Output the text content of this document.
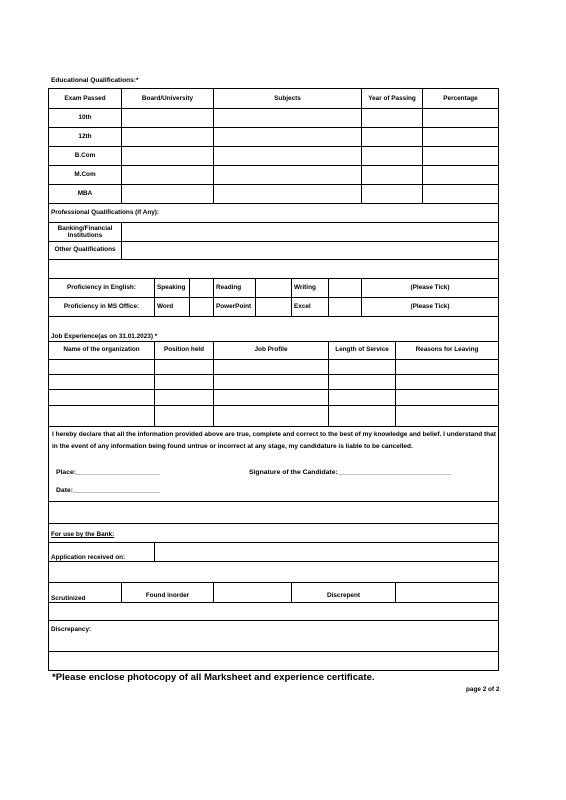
Educational Qualifications:*
Exam Passed	Board/University	Subjects	Year of Passing	Percentage
10th
12th
B.Com
M.Com
MBA
Professional Qualifications (If Any):
Banking/Financial Institutions
Other Qualifications
Proficiency in English:	Speaking	Reading	Writing	(Please Tick)
Proficiency in MS Office:	Word	PowerPoint	Excel	(Please Tick)
Job Experience(as on 31.01.2023) *
Name of the organization	Position held	Job Profile	Length of Service	Reasons for Leaving
I hereby declare that all the information provided above are true, complete and correct to the best of my knowledge and belief. I understand that in the event of any information being found untrue or incorrect at any stage, my candidature is liable to be cancelled.
Place:______________________	Signature of the Candidate:______________________________
Date:_______________________
For use by the Bank:
Application received on:
Scrutinized	Found inorder	Discrepent
Discrepancy:
*Please enclose photocopy of all Marksheet and experience certificate.
page 2 of 2
